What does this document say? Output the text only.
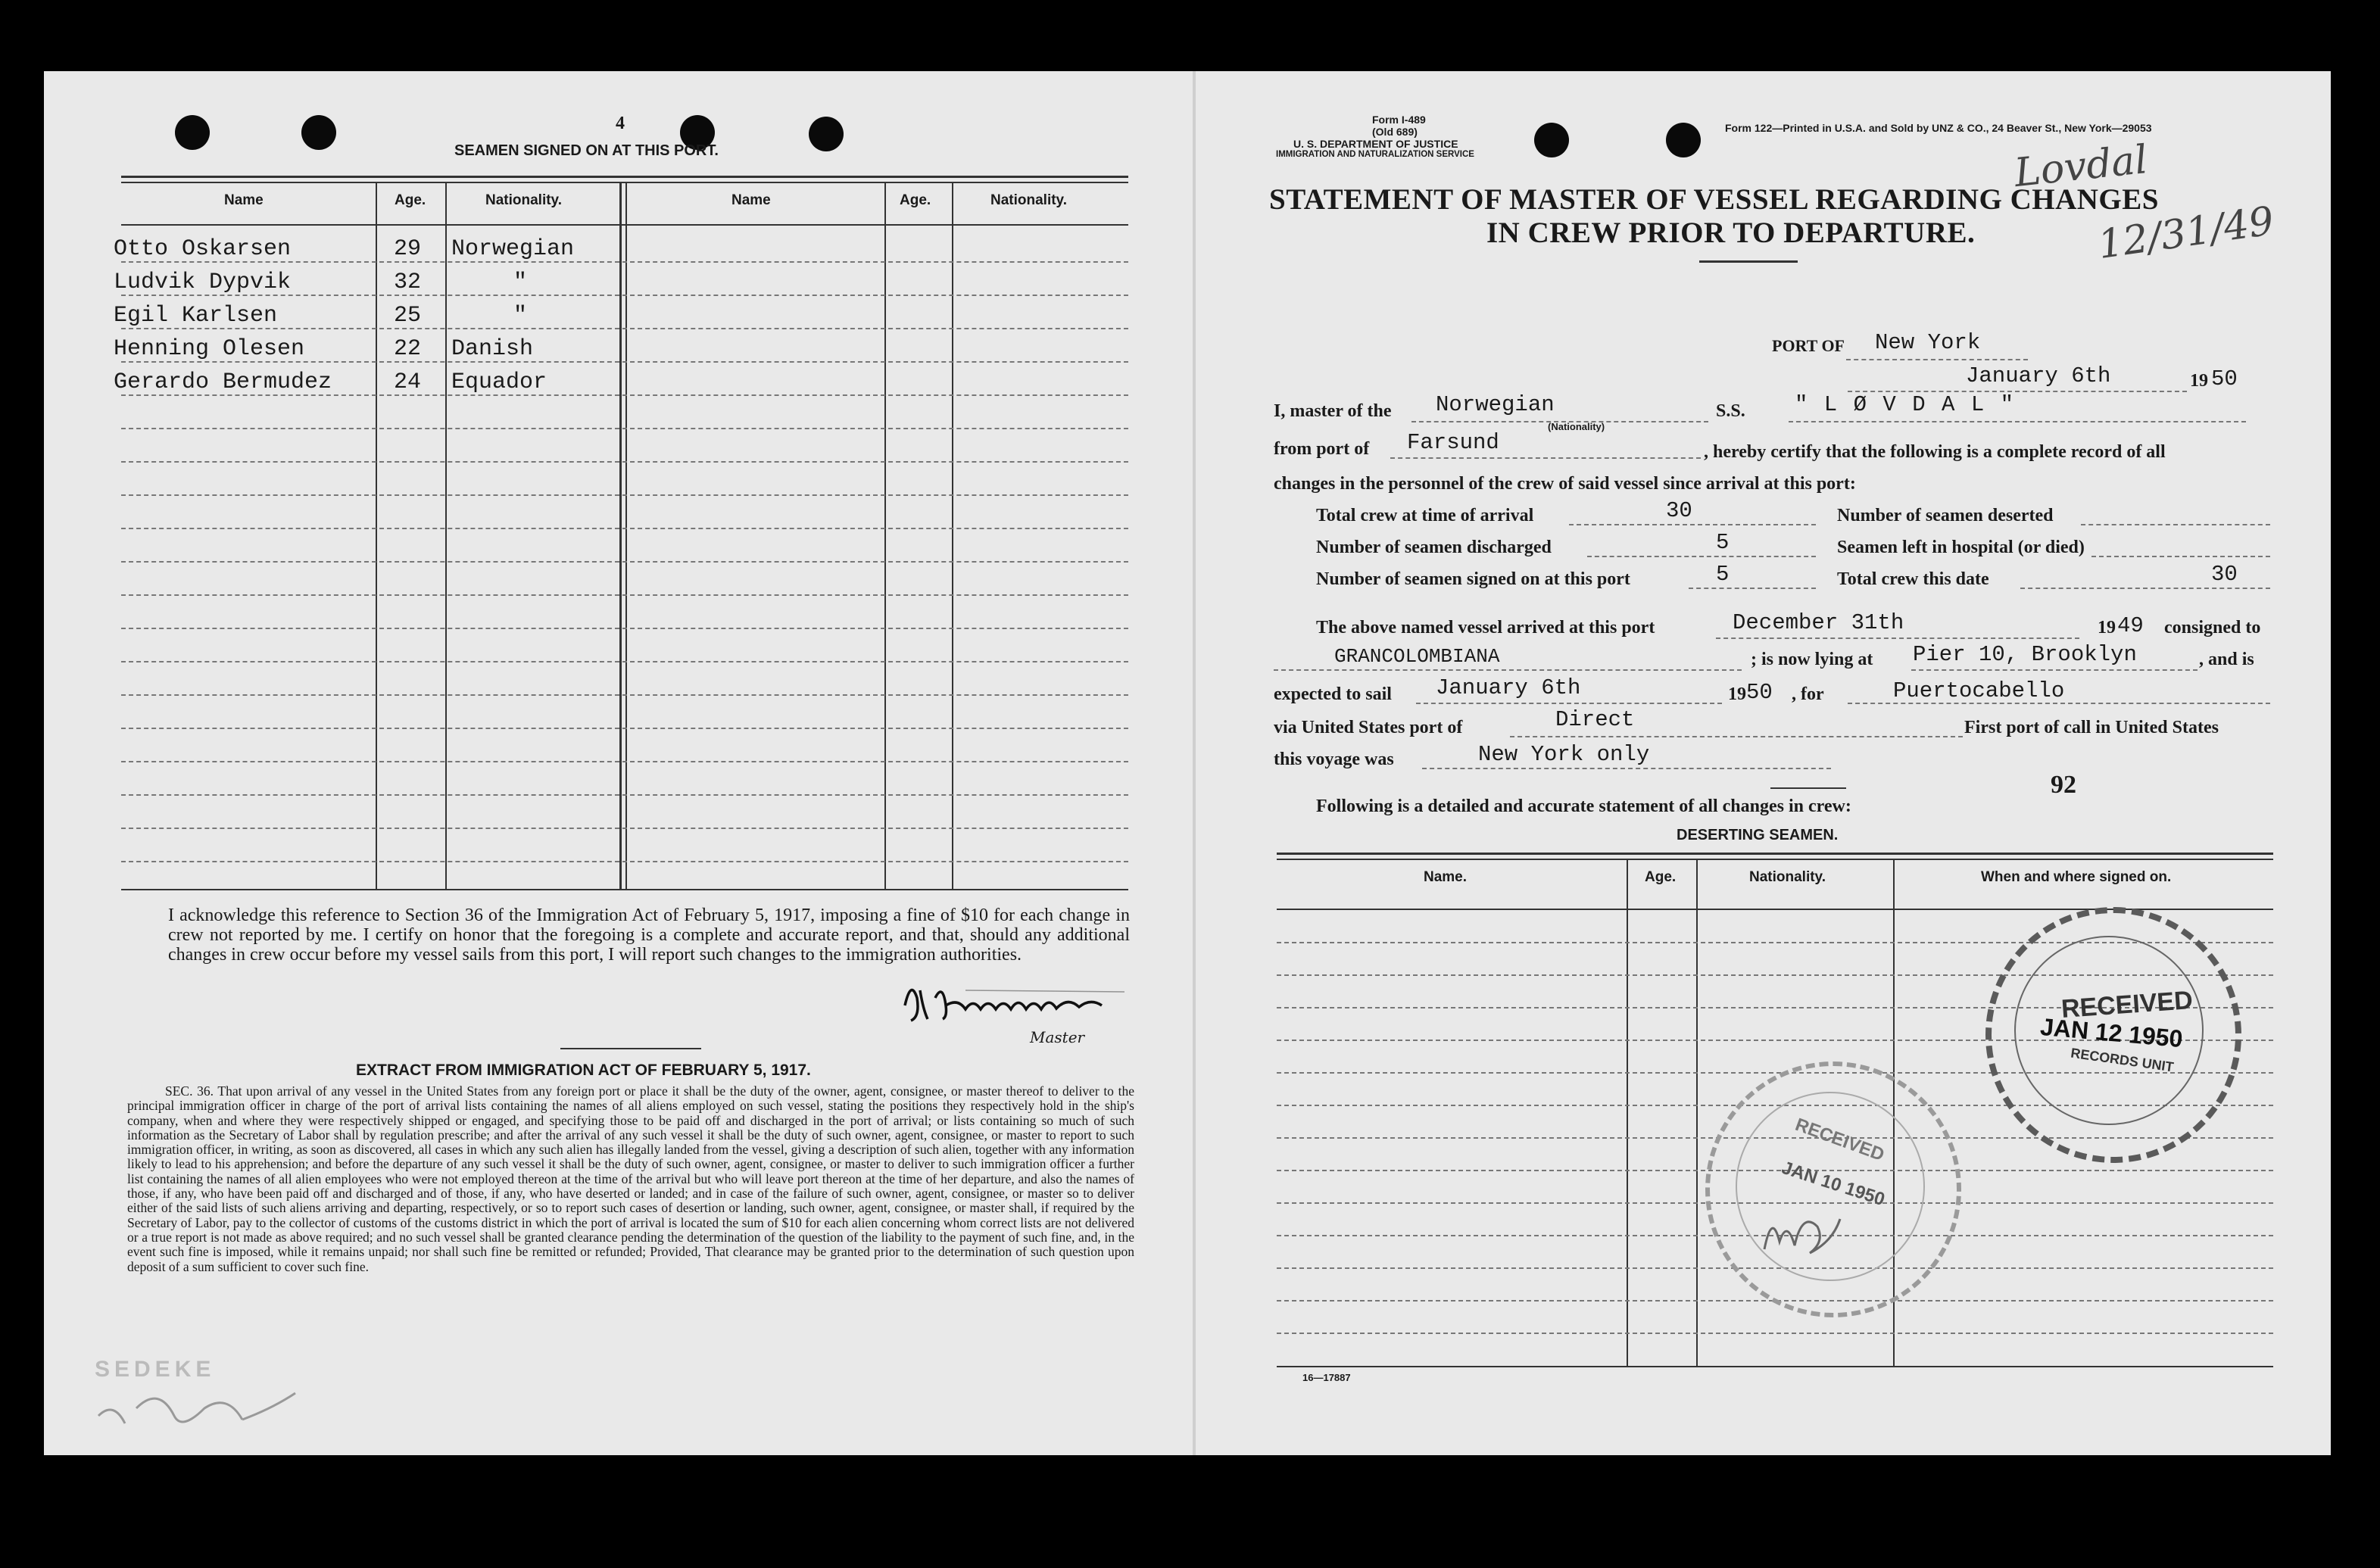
4
SEAMEN SIGNED ON AT THIS PORT.
Name	Age.	Nationality.	Name	Age.	Nationality.
Otto Oskarsen	29 Norwegian
Ludvik Dypvik	32	"
Egil Karlsen	25	"
Henning Olesen	22 Danish
Gerardo Bermudez	24 Equador
I acknowledge this reference to Section 36 of the Immigration Act of February 5, 1917, imposing a fine of $10 for each change in crew not reported by me. I certify on honor that the foregoing is a complete and accurate report, and that, should any additional changes in crew occur before my vessel sails from this port, I will report such changes to the immigration authorities.
Master
EXTRACT FROM IMMIGRATION ACT OF FEBRUARY 5, 1917.
SEC. 36. That upon arrival of any vessel in the United States from any foreign port or place it shall be the duty of the owner, agent, consignee, or master thereof to deliver to the principal immigration officer in charge of the port of arrival lists containing the names of all aliens employed on such vessel, stating the positions they respectively hold in the ship's company, when and where they were respectively shipped or engaged, and specifying those to be paid off and discharged in the port of arrival; or lists containing so much of such information as the Secretary of Labor shall by regulation prescribe; and after the arrival of any such vessel it shall be the duty of such owner, agent, consignee, or master to report to such immigration officer, in writing, as soon as discovered, all cases in which any such alien has illegally landed from the vessel, giving a description of such alien, together with any information likely to lead to his apprehension; and before the departure of any such vessel it shall be the duty of such owner, agent, consignee, or master to deliver to such immigration officer a further list containing the names of all alien employees who were not employed thereon at the time of the arrival but who will leave port thereon at the time of her departure, and also the names of those, if any, who have been paid off and discharged and of those, if any, who have deserted or landed; and in case of the failure of such owner, agent, consignee, or master so to deliver either of the said lists of such aliens arriving and departing, respectively, or so to report such cases of desertion or landing, such owner, agent, consignee, or master shall, if required by the Secretary of Labor, pay to the collector of customs of the customs district in which the port of arrival is located the sum of $10 for each alien concerning whom correct lists are not delivered or a true report is not made as above required; and no such vessel shall be granted clearance pending the determination of the question of the liability to the payment of such fine, and, in the event such fine is imposed, while it remains unpaid; nor shall such fine be remitted or refunded; Provided, That clearance may be granted prior to the determination of such question upon deposit of a sum sufficient to cover such fine.
SEDEKE
Form I-489
(Old 689)
U. S. DEPARTMENT OF JUSTICE
IMMIGRATION AND NATURALIZATION SERVICE
Form 122—Printed in U.S.A. and Sold by UNZ & CO., 24 Beaver St., New York—29053
Lovdal
STATEMENT OF MASTER OF VESSEL REGARDING CHANGES
IN CREW PRIOR TO DEPARTURE.	12/31/49
PORT OF New York
January 6th	19 50
I, master of the Norwegian
(Nationality)
S.S. " L Ø V D A L "
from port of Farsund	, hereby certify that the following is a complete record of all
changes in the personnel of the crew of said vessel since arrival at this port:
Total crew at time of arrival	30	Number of seamen deserted
Number of seamen discharged	5	Seamen left in hospital (or died)
Number of seamen signed on at this port	5	Total crew this date	30
The above named vessel arrived at this port	December 31th	19 49 consigned to
GRANCOLOMBIANA	; is now lying at Pier 10, Brooklyn	, and is
expected to sail January 6th	19 50 , for	Puertocabello
via United States port of	Direct	First port of call in United States
this voyage was	New York only
92
Following is a detailed and accurate statement of all changes in crew:
DESERTING SEAMEN.
Name.	Age.	Nationality.	When and where signed on.
16—17887
RECEIVED
JAN 12 1950
RECORDS UNIT
RECEIVED
JAN 10 1950
